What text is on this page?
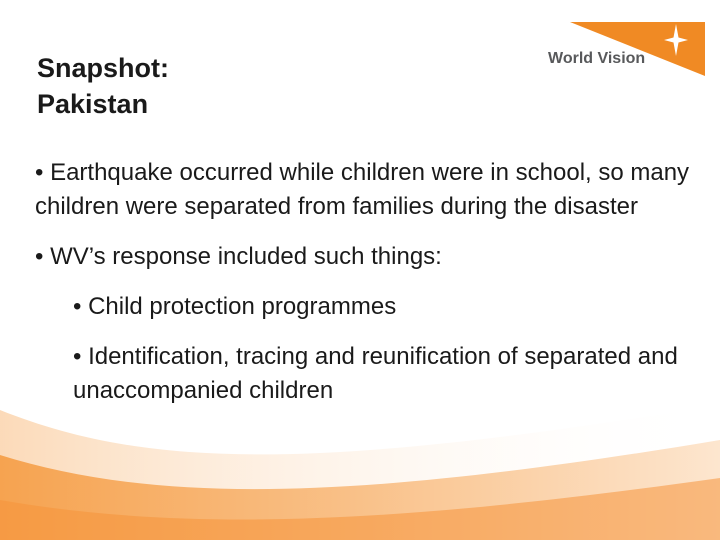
Snapshot:
Pakistan
World Vision
• Earthquake occurred while children were in school, so many children were separated from families during the disaster
• WV’s response included such things:
• Child protection programmes
• Identification, tracing and reunification of separated and unaccompanied children
